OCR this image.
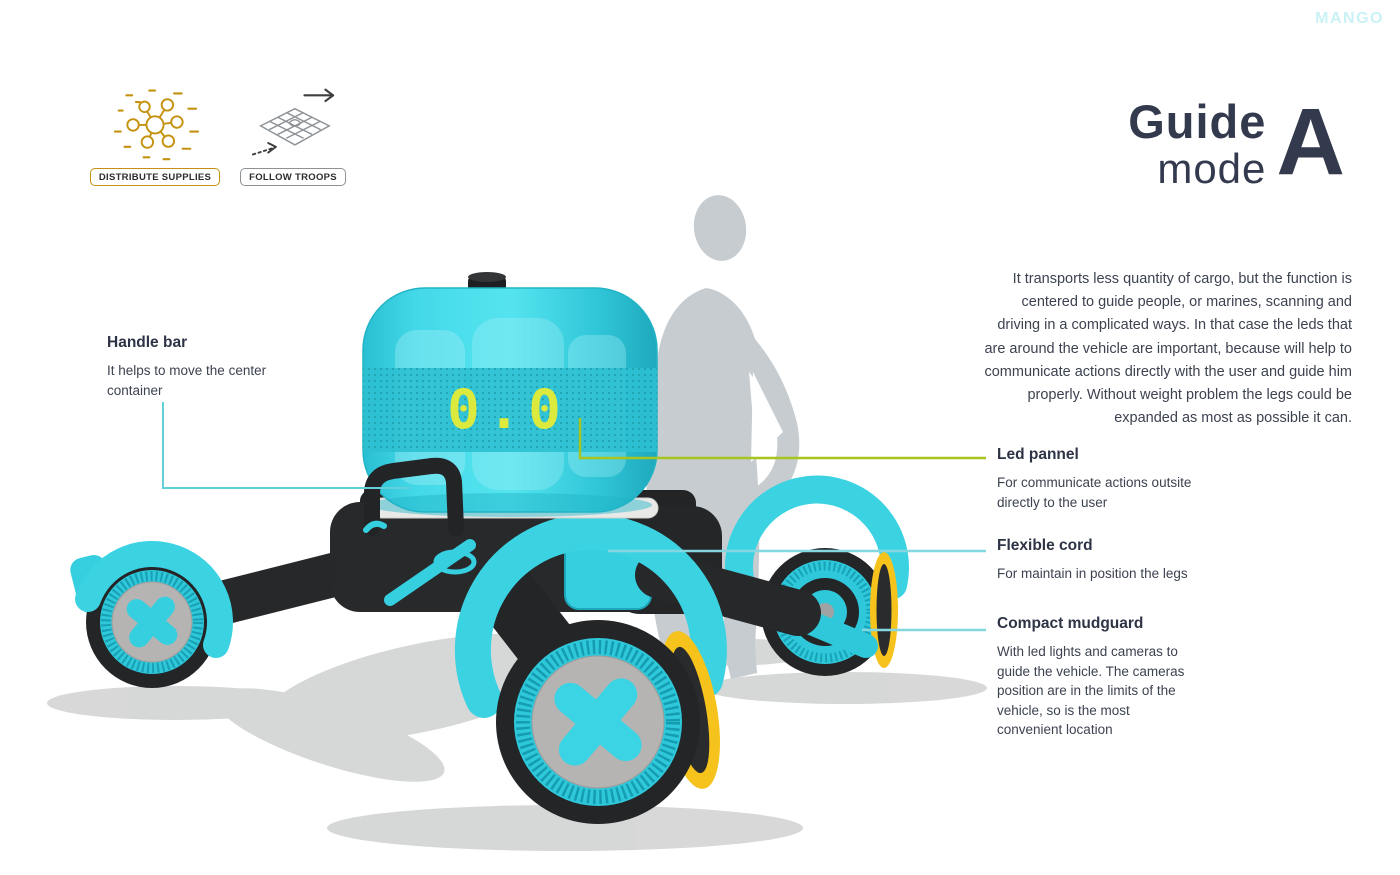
0.0
MANGO
DISTRIBUTE SUPPLIES	FOLLOW TROOPS
Guide
mode A

It transports less quantity of cargo, but the function is centered to guide people, or marines, scanning and driving in a complicated ways. In that case the leds that are around the vehicle are important, because will help to communicate actions directly with the user and guide him properly. Without weight problem the legs could be expanded as most as possible it can.

Handle bar

It helps to move the center container

Led pannel

For communicate actions outsite directly to the user

Flexible cord

For maintain in position the legs

Compact mudguard

With led lights and cameras to guide the vehicle. The cameras position are in the limits of the vehicle, so is the most convenient location
